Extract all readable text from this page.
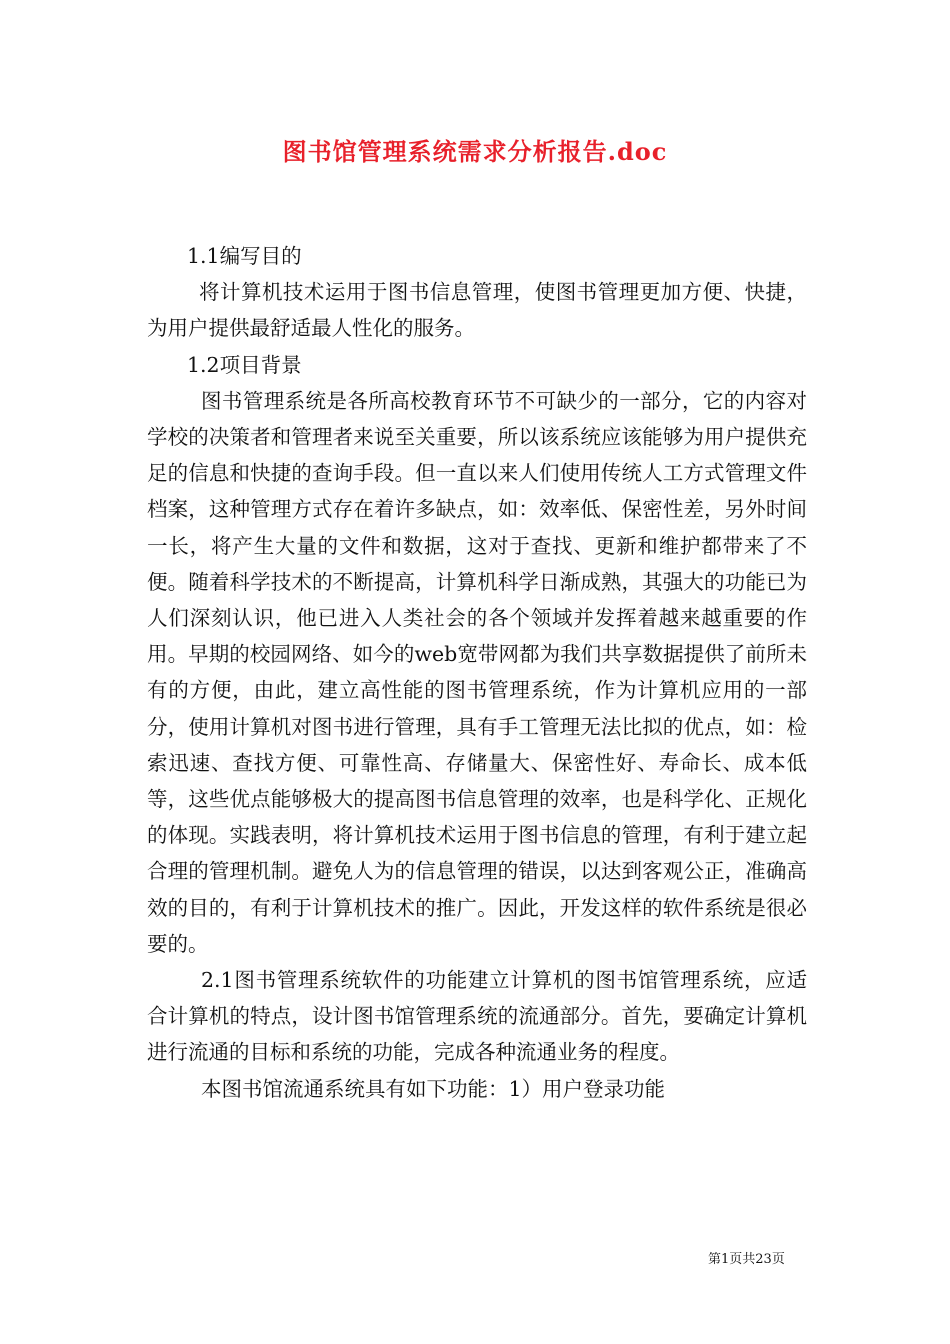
图书馆管理系统需求分析报告.doc

1.1编写目的

将计算机技术运用于图书信息管理，使图书管理更加方便、快捷，为用户提供最舒适最人性化的服务。

1.2项目背景

图书管理系统是各所高校教育环节不可缺少的一部分，它的内容对学校的决策者和管理者来说至关重要，所以该系统应该能够为用户提供充足的信息和快捷的查询手段。但一直以来人们使用传统人工方式管理文件档案，这种管理方式存在着许多缺点，如：效率低、保密性差，另外时间一长，将产生大量的文件和数据，这对于查找、更新和维护都带来了不便。随着科学技术的不断提高，计算机科学日渐成熟，其强大的功能已为人们深刻认识，他已进入人类社会的各个领域并发挥着越来越重要的作用。早期的校园网络、如今的web宽带网都为我们共享数据提供了前所未有的方便，由此，建立高性能的图书管理系统，作为计算机应用的一部分，使用计算机对图书进行管理，具有手工管理无法比拟的优点，如：检索迅速、查找方便、可靠性高、存储量大、保密性好、寿命长、成本低等，这些优点能够极大的提高图书信息管理的效率，也是科学化、正规化的体现。实践表明，将计算机技术运用于图书信息的管理，有利于建立起合理的管理机制。避免人为的信息管理的错误，以达到客观公正，准确高效的目的，有利于计算机技术的推广。因此，开发这样的软件系统是很必要的。

2.1图书管理系统软件的功能建立计算机的图书馆管理系统，应适合计算机的特点，设计图书馆管理系统的流通部分。首先，要确定计算机进行流通的目标和系统的功能，完成各种流通业务的程度。

本图书馆流通系统具有如下功能：1）用户登录功能

第1页共23页
